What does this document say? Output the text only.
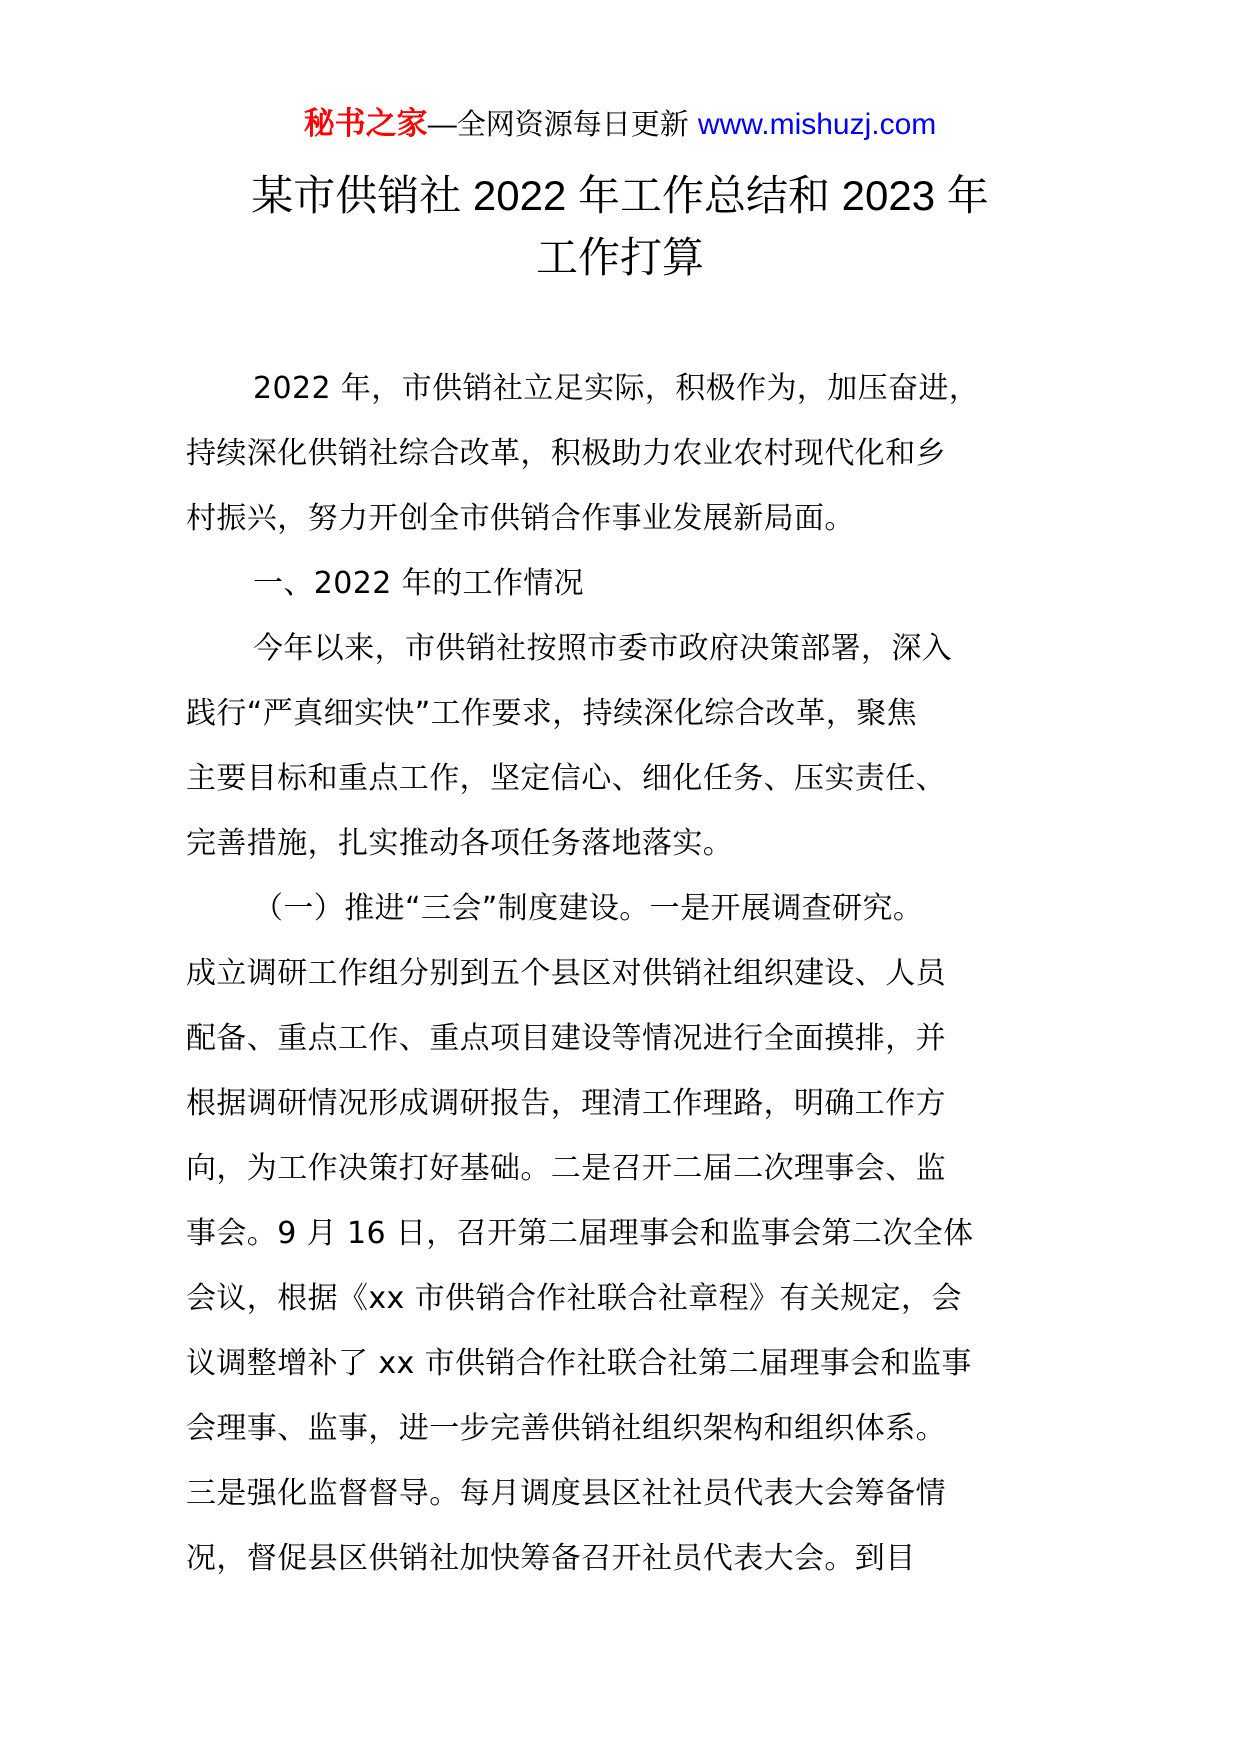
秘书之家—全网资源每日更新 www.mishuzj.com
某市供销社 2022 年工作总结和 2023 年
工作打算
2022 年，市供销社立足实际，积极作为，加压奋进，
持续深化供销社综合改革，积极助力农业农村现代化和乡
村振兴，努力开创全市供销合作事业发展新局面。
一、2022 年的工作情况
今年以来，市供销社按照市委市政府决策部署，深入
践行“严真细实快”工作要求，持续深化综合改革，聚焦
主要目标和重点工作，坚定信心、细化任务、压实责任、
完善措施，扎实推动各项任务落地落实。
（一）推进“三会”制度建设。一是开展调查研究。
成立调研工作组分别到五个县区对供销社组织建设、人员
配备、重点工作、重点项目建设等情况进行全面摸排，并
根据调研情况形成调研报告，理清工作理路，明确工作方
向，为工作决策打好基础。二是召开二届二次理事会、监
事会。9 月 16 日，召开第二届理事会和监事会第二次全体
会议，根据《xx 市供销合作社联合社章程》有关规定，会
议调整增补了 xx 市供销合作社联合社第二届理事会和监事
会理事、监事，进一步完善供销社组织架构和组织体系。
三是强化监督督导。每月调度县区社社员代表大会筹备情
况，督促县区供销社加快筹备召开社员代表大会。到目
